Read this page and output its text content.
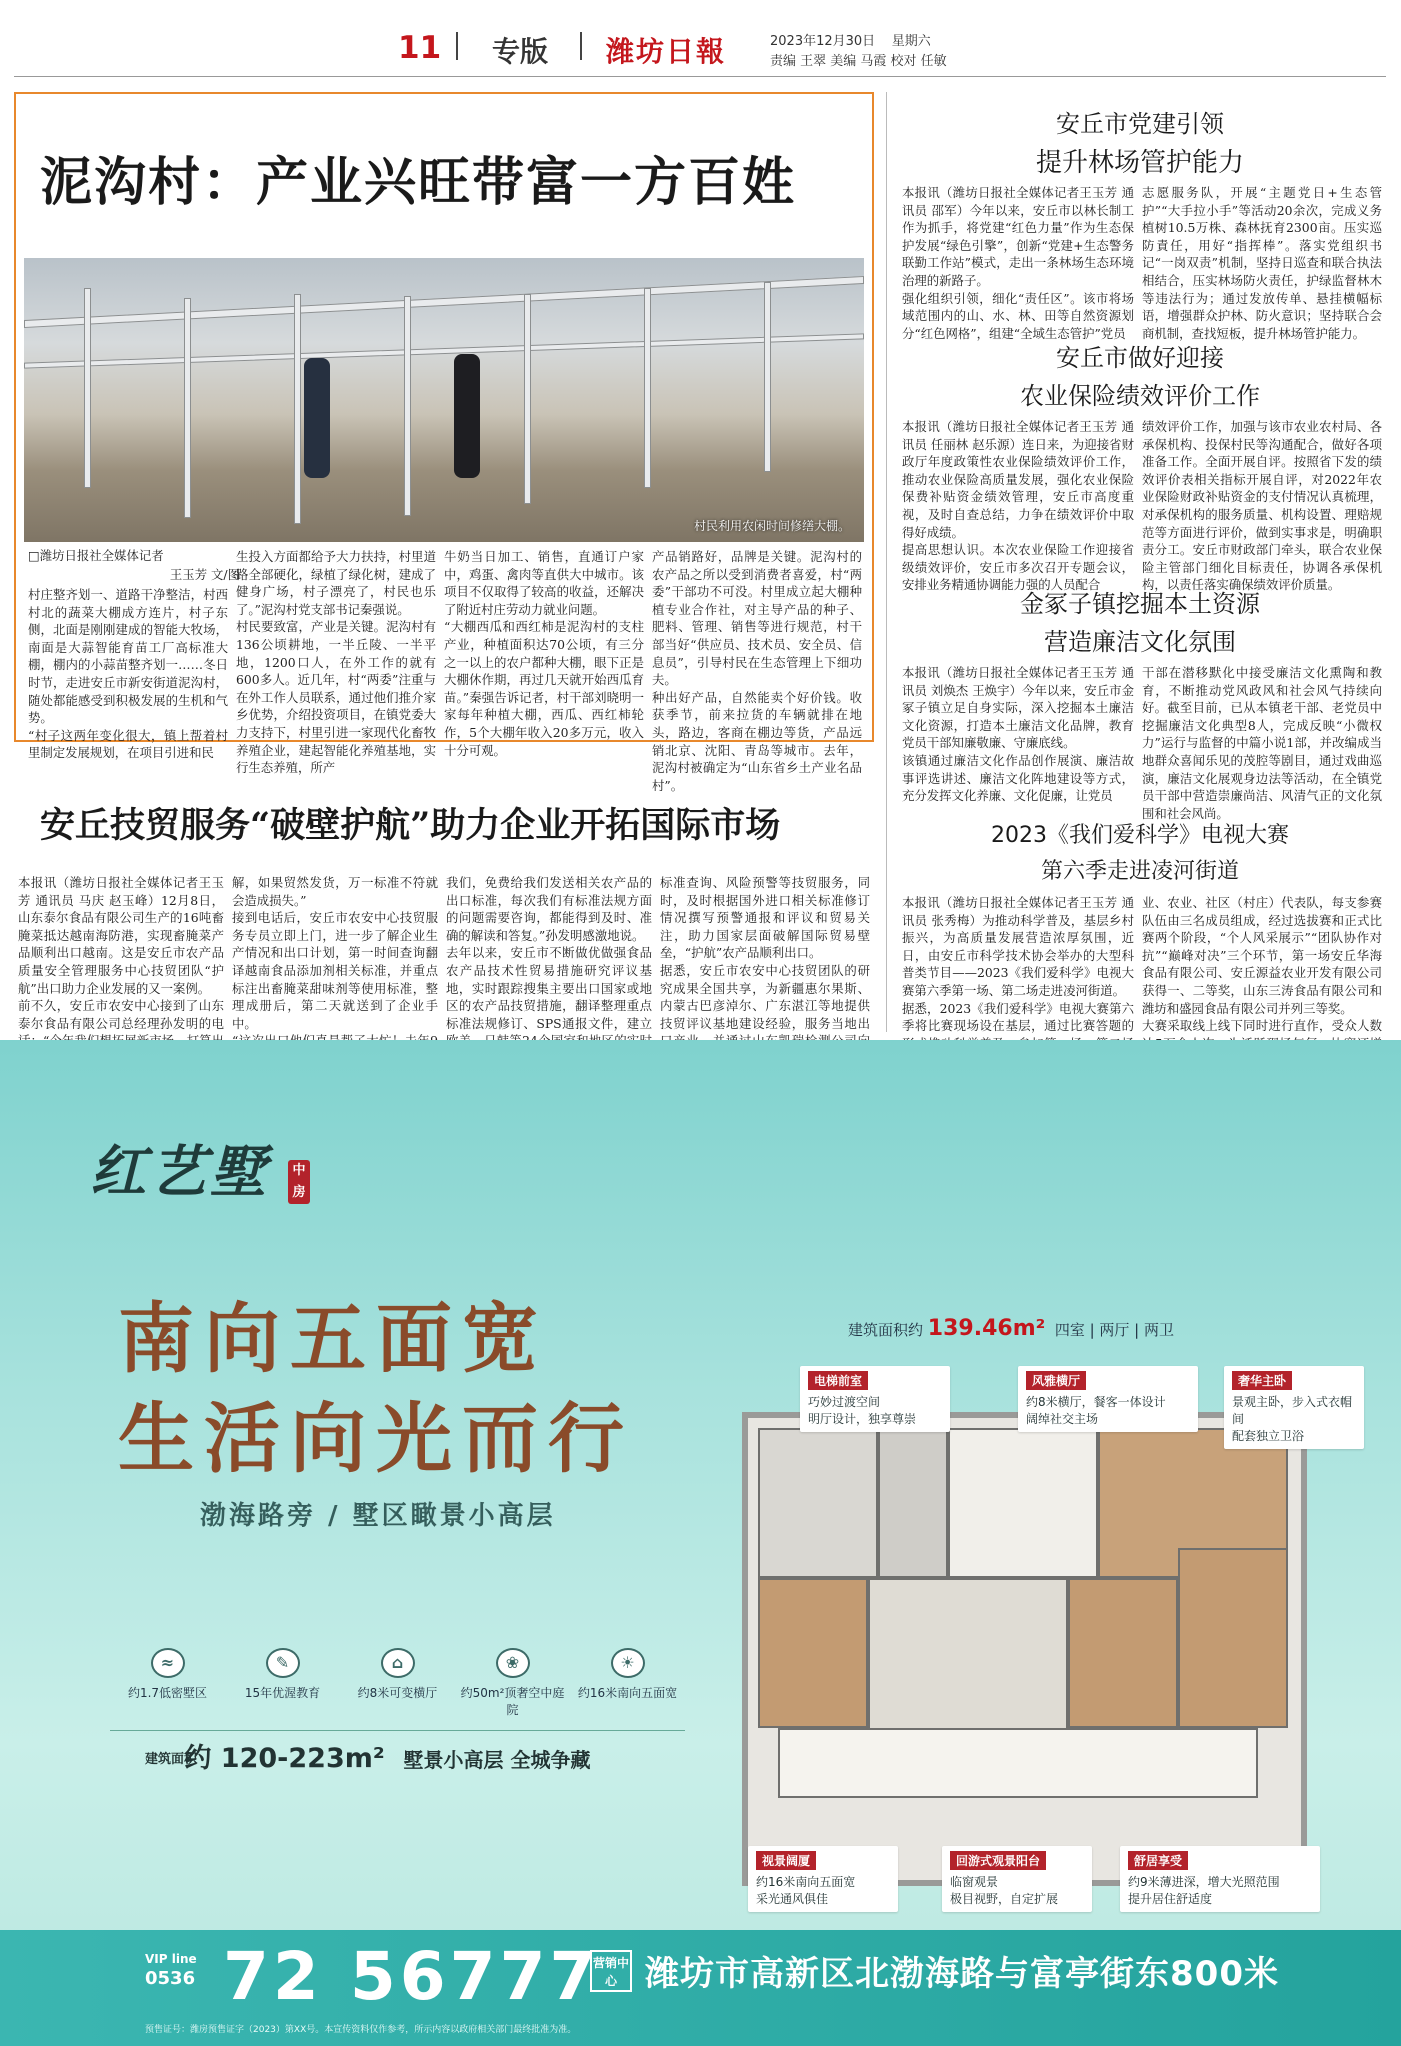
11 专版 潍坊日報	2023年12月30日 星期六
责编 王翠 美编 马霞 校对 任敏
泥沟村：产业兴旺带富一方百姓
村民利用农闲时间修缮大棚。
□潍坊日报社全媒体记者
王玉芳 文/图
村庄整齐划一、道路干净整洁，村西村北的蔬菜大棚成方连片，村子东侧，北面是刚刚建成的智能大牧场，南面是大蒜智能育苗工厂高标准大棚，棚内的小蒜苗整齐划一……冬日时节，走进安丘市新安街道泥沟村，随处都能感受到积极发展的生机和气势。
“村子这两年变化很大，镇上帮着村里制定发展规划，在项目引进和民
生投入方面都给予大力扶持，村里道路全部硬化，绿植了绿化树，建成了健身广场，村子漂亮了，村民也乐了。”泥沟村党支部书记秦强说。
村民要致富，产业是关键。泥沟村有136公顷耕地，一半丘陵、一半平地，1200口人，在外工作的就有600多人。近几年，村“两委”注重与在外工作人员联系，通过他们推介家乡优势，介绍投资项目，在镇党委大力支持下，村里引进一家现代化畜牧养殖企业，建起智能化养殖基地，实行生态养殖，所产
牛奶当日加工、销售，直通订户家中，鸡蛋、禽肉等直供大中城市。该项目不仅取得了较高的收益，还解决了附近村庄劳动力就业问题。
“大棚西瓜和西红柿是泥沟村的支柱产业，种植面积达70公顷，有三分之一以上的农户都种大棚，眼下正是大棚休作期，再过几天就开始西瓜育苗。”秦强告诉记者，村干部刘晓明一家每年种植大棚，西瓜、西红柿轮作，5个大棚年收入20多万元，收入十分可观。
产品销路好，品牌是关键。泥沟村的农产品之所以受到消费者喜爱，村“两委”干部功不可没。村里成立起大棚种植专业合作社，对主导产品的种子、肥料、管理、销售等进行规范，村干部当好“供应员、技术员、安全员、信息员”，引导村民在生态管理上下细功夫。
种出好产品，自然能卖个好价钱。收获季节，前来拉货的车辆就排在地头，路边，客商在棚边等货，产品远销北京、沈阳、青岛等城市。去年，泥沟村被确定为“山东省乡土产业名品村”。
安丘技贸服务“破壁护航”助力企业开拓国际市场
本报讯（潍坊日报社全媒体记者王玉芳 通讯员 马庆 赵玉峰）12月8日，山东泰尔食品有限公司生产的16吨畜腌菜抵达越南海防港，实现畜腌菜产品顺利出口越南。这是安丘市农产品质量安全管理服务中心技贸团队“护航”出口助力企业发展的又一案例。
前不久，安丘市农安中心接到了山东泰尔食品有限公司总经理孙发明的电
解，如果贸然发货，万一标准不符就会造成损失。”
接到电话后，安丘市农安中心技贸服务专员立即上门，进一步了解企业生产情况和出口计划，第一时间查询翻译越南食品添加剂相关标准，并重点标注出畜腌菜甜味剂等使用标准，整理成册后，第二天就送到了企业手中。

我们，免费给我们发送相关农产品的出口标准，每次我们有标准法规方面的问题需要咨询，都能得到及时、准确的解读和答复。”孙发明感激地说。
去年以来，安丘市不断做优做强食品农产品技术性贸易措施研究评议基地，实时跟踪搜集主要出口国家或地区的农产品技贸措施，翻译整理重点标准法规修订、SPS通报文件，建立
标准查询、风险预警等技贸服务，同时，及时根据国外进口相关标准修订情况撰写预警通报和评议和贸易关注，助力国家层面破解国际贸易壁垒，“护航”农产品顺利出口。
据悉，安丘市农安中心技贸团队的研究成果全国共享，为新疆惠尔果斯、内蒙古巴彦淖尔、广东湛江等地提供技贸评议基地建设经验，服务当地出
安丘市党建引领
提升林场管护能力
本报讯（潍坊日报社全媒体记者王玉芳 通讯员 邵军）今年以来，安丘市以林长制工作为抓手，将党建“红色力量”作为生态保护发展“绿色引擎”，创新“党建+生态警务联勤工作站”模式，走出一条林场生态环境治理的新路子。
强化组织引领，细化“责任区”。该市将场域范围内的山、水、林、田等自然资源划分“红色网格”，组建“全域生态管护”党员
志愿服务队，开展“主题党日+生态管护”“大手拉小手”等活动20余次，完成义务植树10.5万株、森林抚育2300亩。压实巡防責任，用好“指挥棒”。落实党组织书记“一岗双责”机制，坚持日巡查和联合执法相结合，压实林场防火责任，护绿监督林木等违法行为；通过发放传单、悬挂横幅标语，增强群众护林、防火意识；坚持联合会商机制，查找短板，提升林场管护能力。
安丘市做好迎接
农业保险绩效评价工作
本报讯（潍坊日报社全媒体记者王玉芳 通讯员 任丽林 赵乐源）连日来，为迎接省财政厅年度政策性农业保险绩效评价工作，推动农业保险高质量发展，强化农业保险保费补贴资金绩效管理，安丘市高度重视，及时自查总结，力争在绩效评价中取得好成绩。
提高思想认识。本次农业保险工作迎接省级绩效评价，安丘市多次召开专题会议，安排业务精通协调能力强的人员配合
绩效评价工作，加强与该市农业农村局、各承保机构、投保村民等沟通配合，做好各项准备工作。全面开展自评。按照省下发的绩效评价表相关指标开展自评，对2022年农业保险财政补贴资金的支付情况认真梳理，对承保机构的服务质量、机构设置、理赔规范等方面进行评价，做到实事求是，明确职责分工。安丘市财政部门牵头，联合农业保险主管部门细化目标责任，协调各承保机构，以责任落实确保绩效评价质量。
金冢子镇挖掘本土资源
营造廉洁文化氛围
本报讯（潍坊日报社全媒体记者王玉芳 通讯员 刘焕杰 王焕宇）今年以来，安丘市金冢子镇立足自身实际，深入挖掘本土廉洁文化资源，打造本土廉洁文化品牌，教育党员干部知廉敬廉、守廉底线。
该镇通过廉洁文化作品创作展演、廉洁故事评选讲述、廉洁文化阵地建设等方式，充分发挥文化养廉、文化促廉，让党员
干部在潜移默化中接受廉洁文化熏陶和教育，不断推动党风政风和社会风气持续向好。截至目前，已从本镇老干部、老党员中挖掘廉洁文化典型8人，完成反映“小微权力”运行与监督的中篇小说1部，并改编成当地群众喜闻乐见的茂腔等剧目，通过戏曲巡演，廉洁文化展观身边法等活动，在全镇党员干部中营造崇廉尚洁、风清气正的文化氛围和社会风尚。
2023《我们爱科学》电视大赛
第六季走进凌河街道
本报讯（潍坊日报社全媒体记者王玉芳 通讯员 张秀梅）为推动科学普及，基层乡村振兴，为高质量发展营造浓厚氛围，近日，由安丘市科学技术协会举办的大型科普类节目——2023《我们爱科学》电视大赛第六季第一场、第二场走进凌河街道。
据悉，2023《我们爱科学》电视大赛第六季将比赛现场设在基层，通过比赛答题的
业、农业、社区（村庄）代表队，每支参赛队伍由三名成员组成，经过选拔赛和正式比赛两个阶段，“个人风采展示”“团队协作对抗”“巅峰对决”三个环节，第一场安丘华海食品有限公司、安丘源益农业开发有限公司获得一、二等奖，山东三涛食品有限公司和潍坊和盛园食品有限公司并列三等奖。
大赛采取线上线下同时进行直作，受众人数
红艺墅	中房
南向五面宽
生活向光而行
渤海路旁 / 墅区瞰景小高层
≈
约1.7低密墅区
✎
15年优渥教育
⌂
约8米可变横厅
❀
约50m²顶奢空中庭院
☀
约16米南向五面宽
建筑面积 约 120-223m² 墅景小高层 全城争藏
建筑面积约 139.46m² 四室 | 两厅 | 两卫
电梯前室
巧妙过渡空间
明厅设计，独享尊崇
风雅横厅
约8米横厅，餐客一体设计
阔绰社交主场
奢华主卧
景观主卧，步入式衣帽间
配套独立卫浴
视景阔厦
约16米南向五面宽
采光通风俱佳
回游式观景阳台
临窗观景
极目视野，自定扩展
舒居享受
约9米薄进深，增大光照范围
提升居住舒适度
VIP line
0536 72 56777
营销中心 潍坊市高新区北渤海路与富亭街东800米
预售证号：潍房预售证字（2023）第XX号。本宣传资料仅作参考，所示内容以政府相关部门最终批准为准。
